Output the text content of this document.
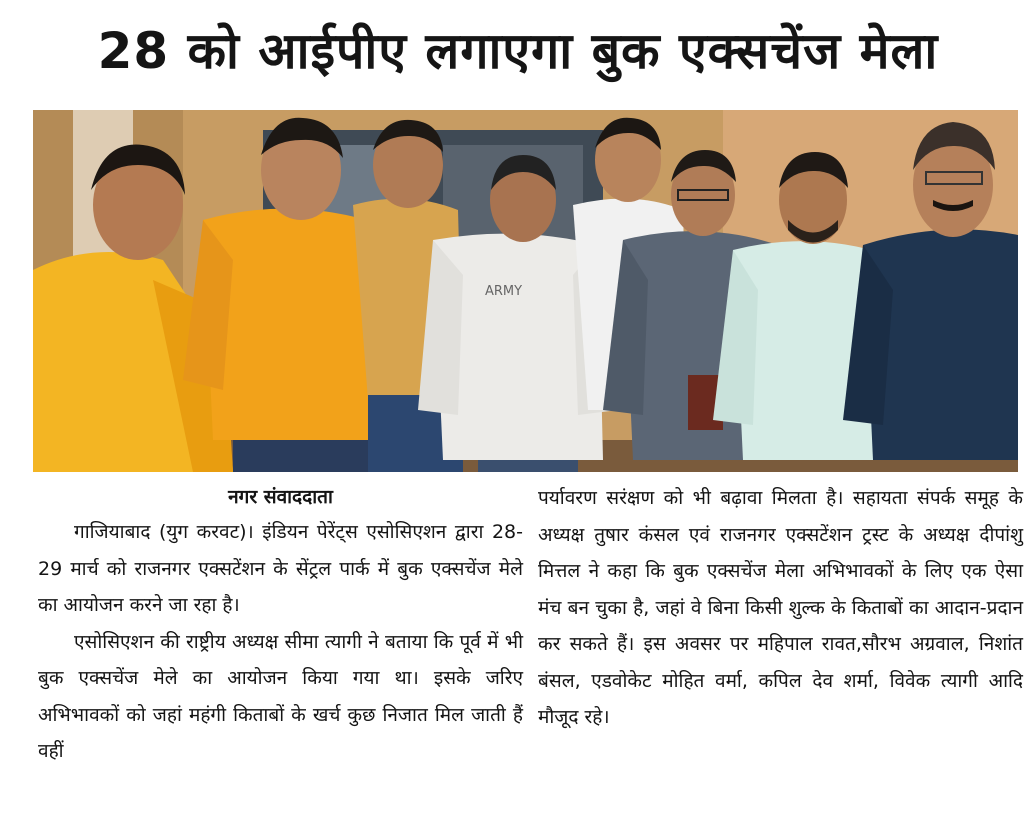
28 को आईपीए लगाएगा बुक एक्सचेंज मेला
ARMY
नगर संवाददाता

गाजियाबाद (युग करवट)। इंडियन पेरेंट्स एसोसिएशन द्वारा 28-29 मार्च को राजनगर एक्सटेंशन के सेंट्रल पार्क में बुक एक्सचेंज मेले का आयोजन करने जा रहा है।

एसोसिएशन की राष्ट्रीय अध्यक्ष सीमा त्यागी ने बताया कि पूर्व में भी बुक एक्सचेंज मेले का आयोजन किया गया था। इसके जरिए अभिभावकों को जहां महंगी किताबों के खर्च कुछ निजात मिल जाती हैं वहीं

पर्यावरण सरंक्षण को भी बढ़ावा मिलता है। सहायता संपर्क समूह के अध्यक्ष तुषार कंसल एवं राजनगर एक्सटेंशन ट्रस्ट के अध्यक्ष दीपांशु मित्तल ने कहा कि बुक एक्सचेंज मेला अभिभावकों के लिए एक ऐसा मंच बन चुका है, जहां वे बिना किसी शुल्क के किताबों का आदान-प्रदान कर सकते हैं। इस अवसर पर महिपाल रावत,सौरभ अग्रवाल, निशांत बंसल, एडवोकेट मोहित वर्मा, कपिल देव शर्मा, विवेक त्यागी आदि मौजूद रहे।
